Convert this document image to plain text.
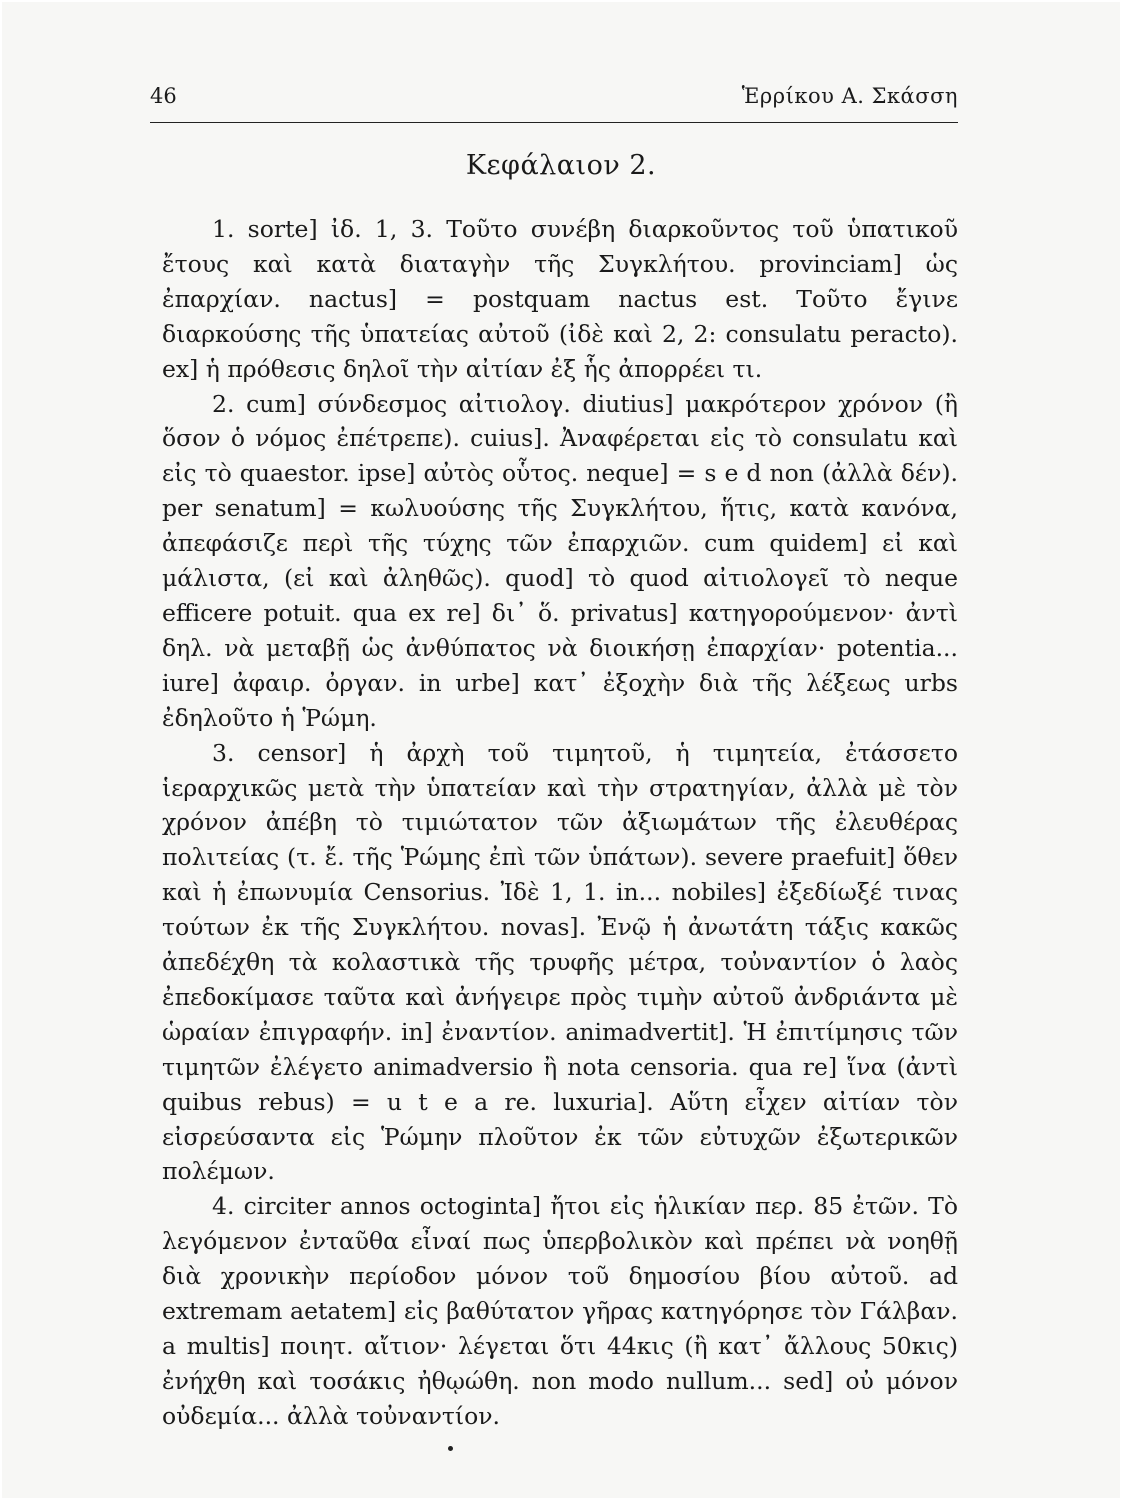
46	Ἑρρίκου Α. Σκάσση
Κεφάλαιον 2.

1. sorte] ἰδ. 1, 3. Τοῦτο συνέβη διαρκοῦντος τοῦ ὑπατικοῦ ἔτους καὶ κατὰ διαταγὴν τῆς Συγκλήτου. provinciam] ὡς ἐπαρχίαν. nactus] = postquam nactus est. Τοῦτο ἔγινε διαρκούσης τῆς ὑπατείας αὐτοῦ (ἰδὲ καὶ 2, 2: consulatu peracto). ex] ἡ πρόθεσις δηλοῖ τὴν αἰτίαν ἐξ ἧς ἀπορρέει τι.

2. cum] σύνδεσμος αἰτιολογ. diutius] μακρότερον χρόνον (ἢ ὅσον ὁ νόμος ἐπέτρεπε). cuius]. Ἀναφέρεται εἰς τὸ consulatu καὶ εἰς τὸ quaestor. ipse] αὐτὸς οὗτος. neque] = s e d non (ἀλλὰ δέν). per senatum] = κωλυούσης τῆς Συγκλήτου, ἥτις, κατὰ κανόνα, ἀπεφάσιζε περὶ τῆς τύχης τῶν ἐπαρχιῶν. cum quidem] εἰ καὶ μάλιστα, (εἰ καὶ ἀληθῶς). quod] τὸ quod αἰτιολογεῖ τὸ neque efficere potuit. qua ex re] δι᾽ ὅ. privatus] κατηγορούμενον· ἀντὶ δηλ. νὰ μεταβῇ ὡς ἀνθύπατος νὰ διοικήσῃ ἐπαρχίαν· potentia... iure] ἀφαιρ. ὀργαν. in urbe] κατ᾽ ἐξοχὴν διὰ τῆς λέξεως urbs ἐδηλοῦτο ἡ Ῥώμη.

3. censor] ἡ ἀρχὴ τοῦ τιμητοῦ, ἡ τιμητεία, ἐτάσσετο ἱεραρχικῶς μετὰ τὴν ὑπατείαν καὶ τὴν στρατηγίαν, ἀλλὰ μὲ τὸν χρόνον ἀπέβη τὸ τιμιώτατον τῶν ἀξιωμάτων τῆς ἐλευθέρας πολιτείας (τ. ἔ. τῆς Ῥώμης ἐπὶ τῶν ὑπάτων). severe praefuit] ὅθεν καὶ ἡ ἐπωνυμία Censorius. Ἰδὲ 1, 1. in... nobiles] ἐξεδίωξέ τινας τούτων ἐκ τῆς Συγκλήτου. novas]. Ἐνῷ ἡ ἀνωτάτη τάξις κακῶς ἀπεδέχθη τὰ κολαστικὰ τῆς τρυφῆς μέτρα, τοὐναντίον ὁ λαὸς ἐπεδοκίμασε ταῦτα καὶ ἀνήγειρε πρὸς τιμὴν αὐτοῦ ἀνδριάντα μὲ ὡραίαν ἐπιγραφήν. in] ἐναντίον. animadvertit]. Ἡ ἐπιτίμησις τῶν τιμητῶν ἐλέγετο animadversio ἢ nota censoria. qua re] ἵνα (ἀντὶ quibus rebus) = u t e a re. luxuria]. Αὕτη εἶχεν αἰτίαν τὸν εἰσρεύσαντα εἰς Ῥώμην πλοῦτον ἐκ τῶν εὐτυχῶν ἐξωτερικῶν πολέμων.

4. circiter annos octoginta] ἤτοι εἰς ἡλικίαν περ. 85 ἐτῶν. Τὸ λεγόμενον ἐνταῦθα εἶναί πως ὑπερβολικὸν καὶ πρέπει νὰ νοηθῇ διὰ χρονικὴν περίοδον μόνον τοῦ δημοσίου βίου αὐτοῦ. ad extremam aetatem] εἰς βαθύτατον γῆρας κατηγόρησε τὸν Γάλβαν. a multis] ποιητ. αἴτιον· λέγεται ὅτι 44κις (ἢ κατ᾽ ἄλλους 50κις) ἐνήχθη καὶ τοσάκις ἠθῳώθη. non modo nullum... sed] οὐ μόνον οὐδεμία... ἀλλὰ τοὐναντίον.
